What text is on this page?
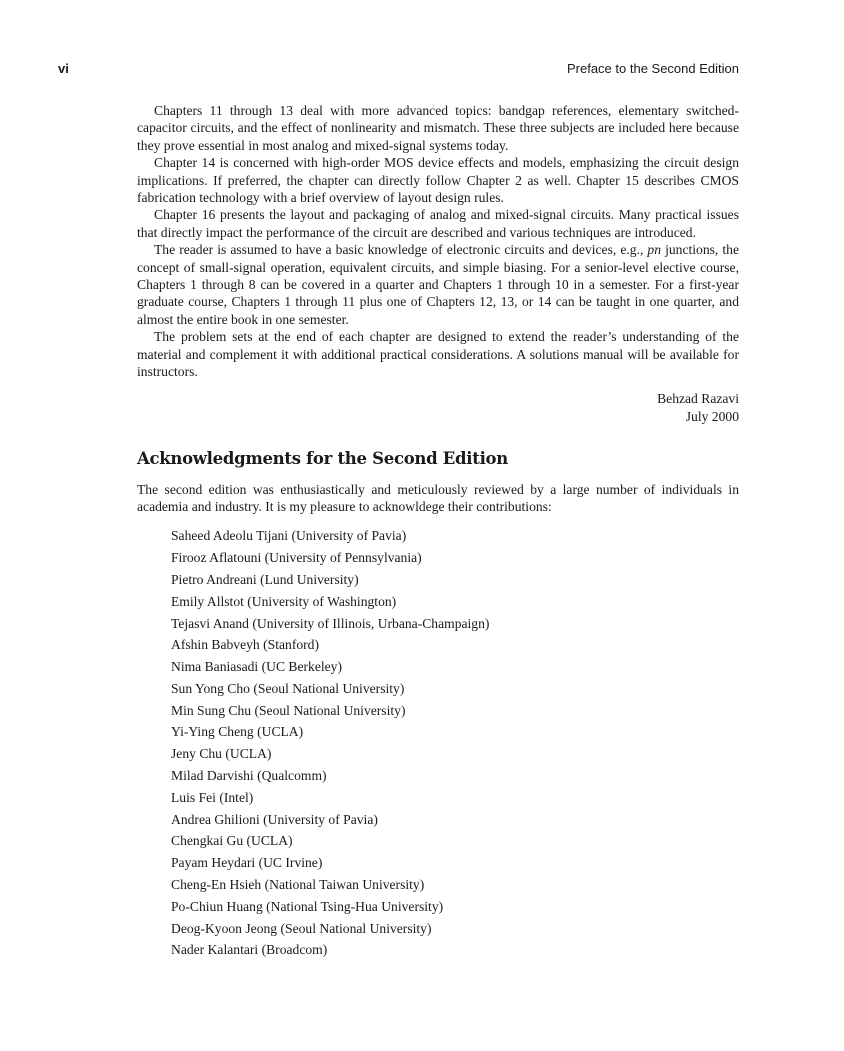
vi	Preface to the Second Edition

Chapters 11 through 13 deal with more advanced topics: bandgap references, elementary switched-capacitor circuits, and the effect of nonlinearity and mismatch. These three subjects are included here because they prove essential in most analog and mixed-signal systems today.

Chapter 14 is concerned with high-order MOS device effects and models, emphasizing the circuit design implications. If preferred, the chapter can directly follow Chapter 2 as well. Chapter 15 describes CMOS fabrication technology with a brief overview of layout design rules.

Chapter 16 presents the layout and packaging of analog and mixed-signal circuits. Many practical issues that directly impact the performance of the circuit are described and various techniques are introduced.

The reader is assumed to have a basic knowledge of electronic circuits and devices, e.g., pn junctions, the concept of small-signal operation, equivalent circuits, and simple biasing. For a senior-level elective course, Chapters 1 through 8 can be covered in a quarter and Chapters 1 through 10 in a semester. For a first-year graduate course, Chapters 1 through 11 plus one of Chapters 12, 13, or 14 can be taught in one quarter, and almost the entire book in one semester.

The problem sets at the end of each chapter are designed to extend the reader’s understanding of the material and complement it with additional practical considerations. A solutions manual will be available for instructors.

Behzad Razavi
July 2000
Acknowledgments for the Second Edition

The second edition was enthusiastically and meticulously reviewed by a large number of individuals in academia and industry. It is my pleasure to acknowldege their contributions:

Saheed Adeolu Tijani (University of Pavia)
Firooz Aflatouni (University of Pennsylvania)
Pietro Andreani (Lund University)
Emily Allstot (University of Washington)
Tejasvi Anand (University of Illinois, Urbana-Champaign)
Afshin Babveyh (Stanford)
Nima Baniasadi (UC Berkeley)
Sun Yong Cho (Seoul National University)
Min Sung Chu (Seoul National University)
Yi-Ying Cheng (UCLA)
Jeny Chu (UCLA)
Milad Darvishi (Qualcomm)
Luis Fei (Intel)
Andrea Ghilioni (University of Pavia)
Chengkai Gu (UCLA)
Payam Heydari (UC Irvine)
Cheng-En Hsieh (National Taiwan University)
Po-Chiun Huang (National Tsing-Hua University)
Deog-Kyoon Jeong (Seoul National University)
Nader Kalantari (Broadcom)
